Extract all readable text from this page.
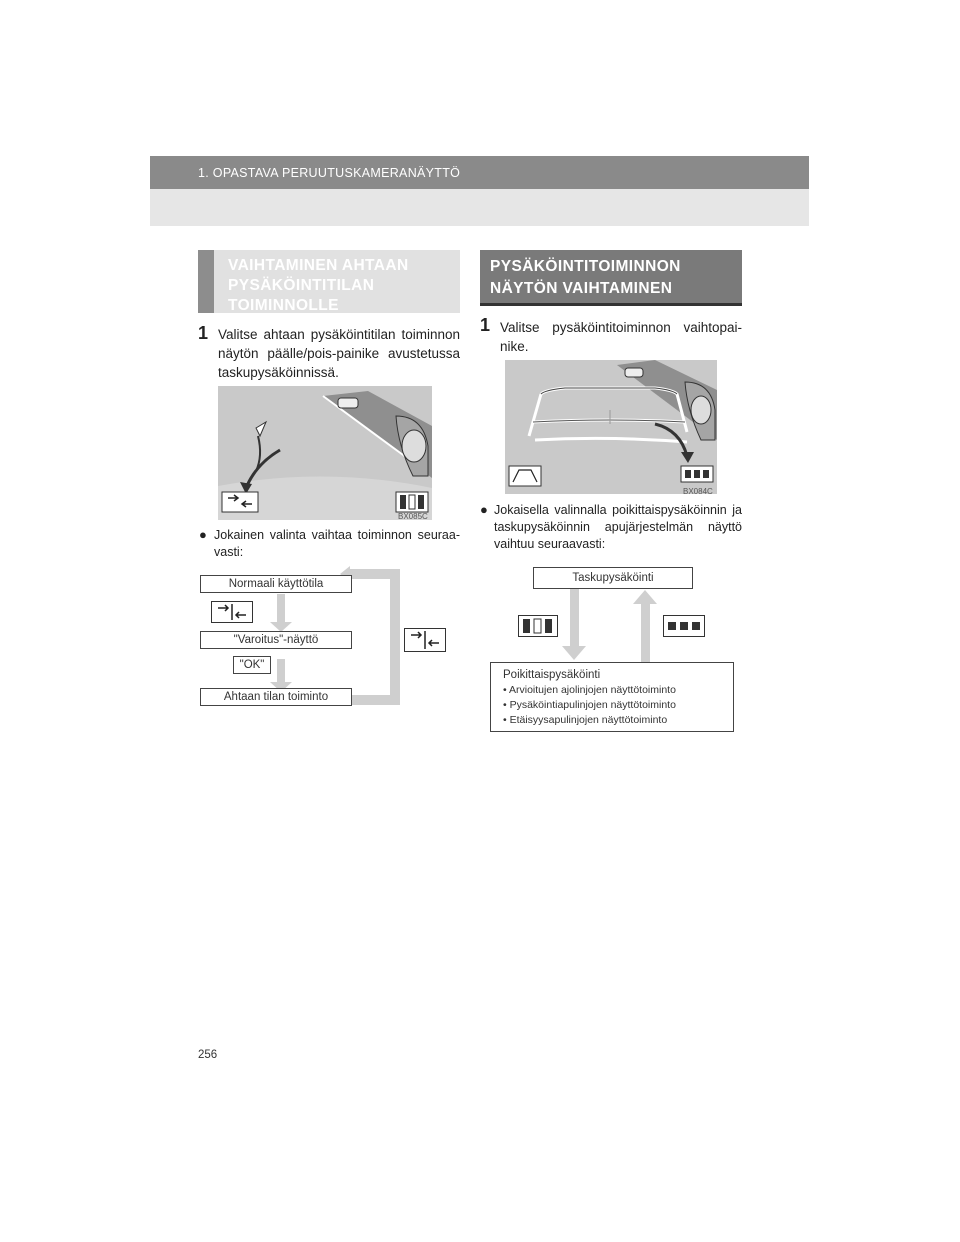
1. OPASTAVA PERUUTUSKAMERANÄYTTÖ
VAIHTAMINEN AHTAAN PYSÄKÖINTITILAN TOIMINNOLLE
1 Valitse ahtaan pysäköintitilan toiminnon näytön päälle/pois-painike avustetussa taskupysäköinnissä.
BX085C
● Jokainen valinta vaihtaa toiminnon seuraa-vasti:
Normaali käyttötila
"Varoitus"-näyttö
"OK"
Ahtaan tilan toiminto
PYSÄKÖINTITOIMINNON NÄYTÖN VAIHTAMINEN
1 Valitse pysäköintitoiminnon vaihtopai-nike.
BX084C
● Jokaisella valinnalla poikittaispysäköinnin ja taskupysäköinnin apujärjestelmän näyttö vaihtuu seuraavasti:
Taskupysäköinti
Poikittaispysäköinti
• Arvioitujen ajolinjojen näyttötoiminto
• Pysäköintiapulinjojen näyttötoiminto
• Etäisyysapulinjojen näyttötoiminto
256
